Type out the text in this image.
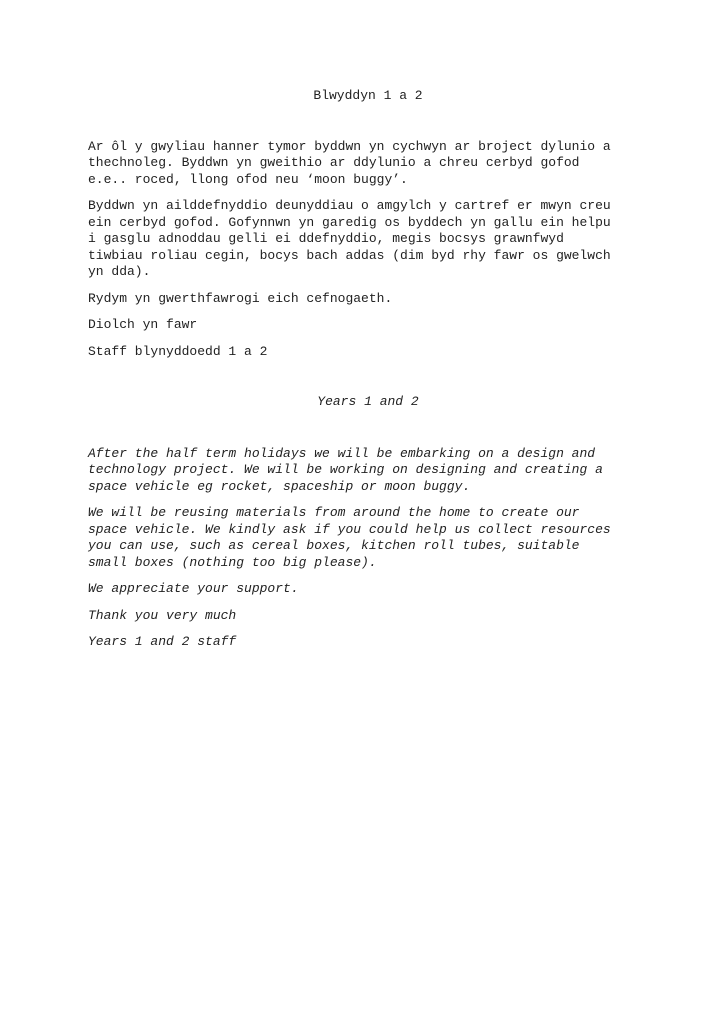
Blwyddyn 1 a 2

Ar ôl y gwyliau hanner tymor byddwn yn cychwyn ar broject dylunio a
thechnoleg. Byddwn yn gweithio ar ddylunio a chreu cerbyd gofod
e.e.. roced, llong ofod neu ‘moon buggy’.

Byddwn yn ailddefnyddio deunyddiau o amgylch y cartref er mwyn creu
ein cerbyd gofod. Gofynnwn yn garedig os byddech yn gallu ein helpu
i gasglu adnoddau gelli ei ddefnyddio, megis bocsys grawnfwyd
tiwbiau roliau cegin, bocys bach addas (dim byd rhy fawr os gwelwch
yn dda).

Rydym yn gwerthfawrogi eich cefnogaeth.

Diolch yn fawr

Staff blynyddoedd 1 a 2

Years 1 and 2

After the half term holidays we will be embarking on a design and
technology project. We will be working on designing and creating a
space vehicle eg rocket, spaceship or moon buggy.

We will be reusing materials from around the home to create our
space vehicle. We kindly ask if you could help us collect resources
you can use, such as cereal boxes, kitchen roll tubes, suitable
small boxes (nothing too big please).

We appreciate your support.

Thank you very much

Years 1 and 2 staff
